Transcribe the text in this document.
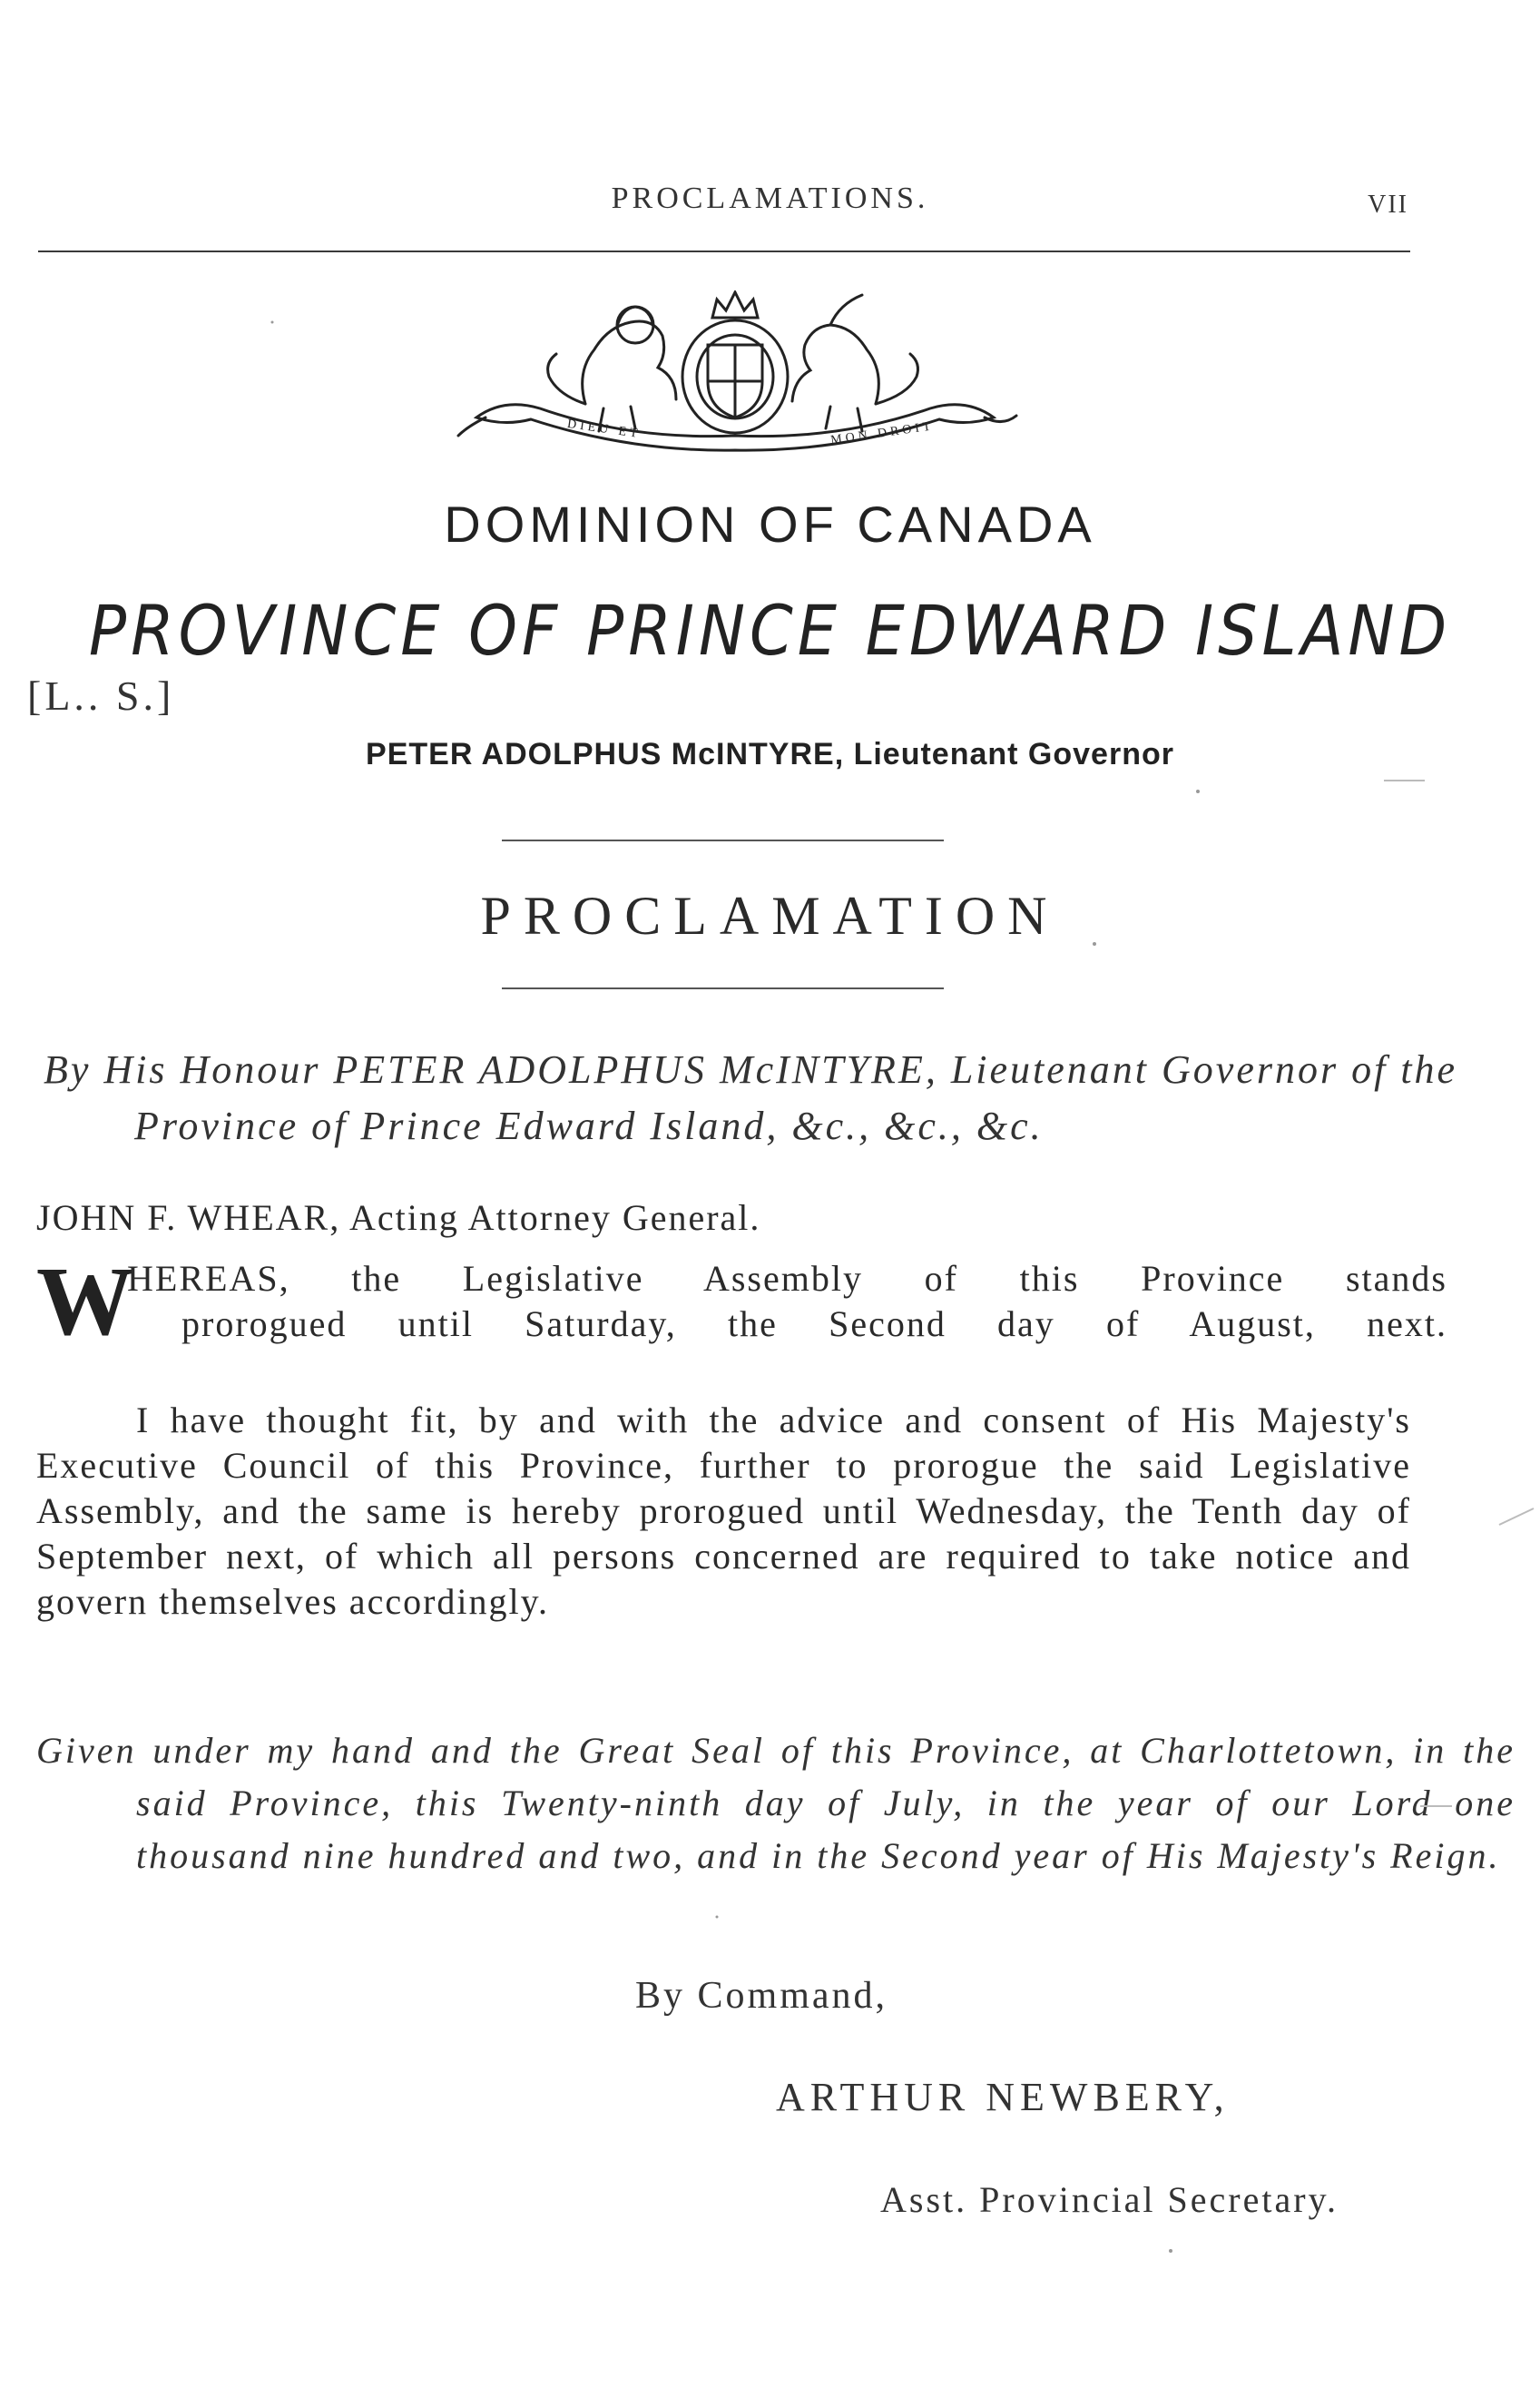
PROCLAMATIONS.	VII
DIEU ET	MON DROIT
DOMINION OF CANADA
PROVINCE OF PRINCE EDWARD ISLAND
[L.. S.]
PETER ADOLPHUS McINTYRE, Lieutenant Governor
PROCLAMATION
By His Honour PETER ADOLPHUS McINTYRE, Lieutenant Governor of the Province of Prince Edward Island, &c., &c., &c.
JOHN F. WHEAR, Acting Attorney General.
W
HEREAS, the Legislative Assembly of this Province stands
prorogued until Saturday, the Second day of August, next.
I have thought fit, by and with the advice and consent of His Majesty's Executive Council of this Province, further to prorogue the said Legislative Assembly, and the same is hereby prorogued until Wednesday, the Tenth day of September next, of which all persons concerned are required to take notice and govern themselves accordingly.
Given under my hand and the Great Seal of this Province, at Charlottetown, in the said Province, this Twenty-ninth day of July, in the year of our Lord one thousand nine hundred and two, and in the Second year of His Majesty's Reign.
By Command,
ARTHUR NEWBERY,
Asst. Provincial Secretary.
